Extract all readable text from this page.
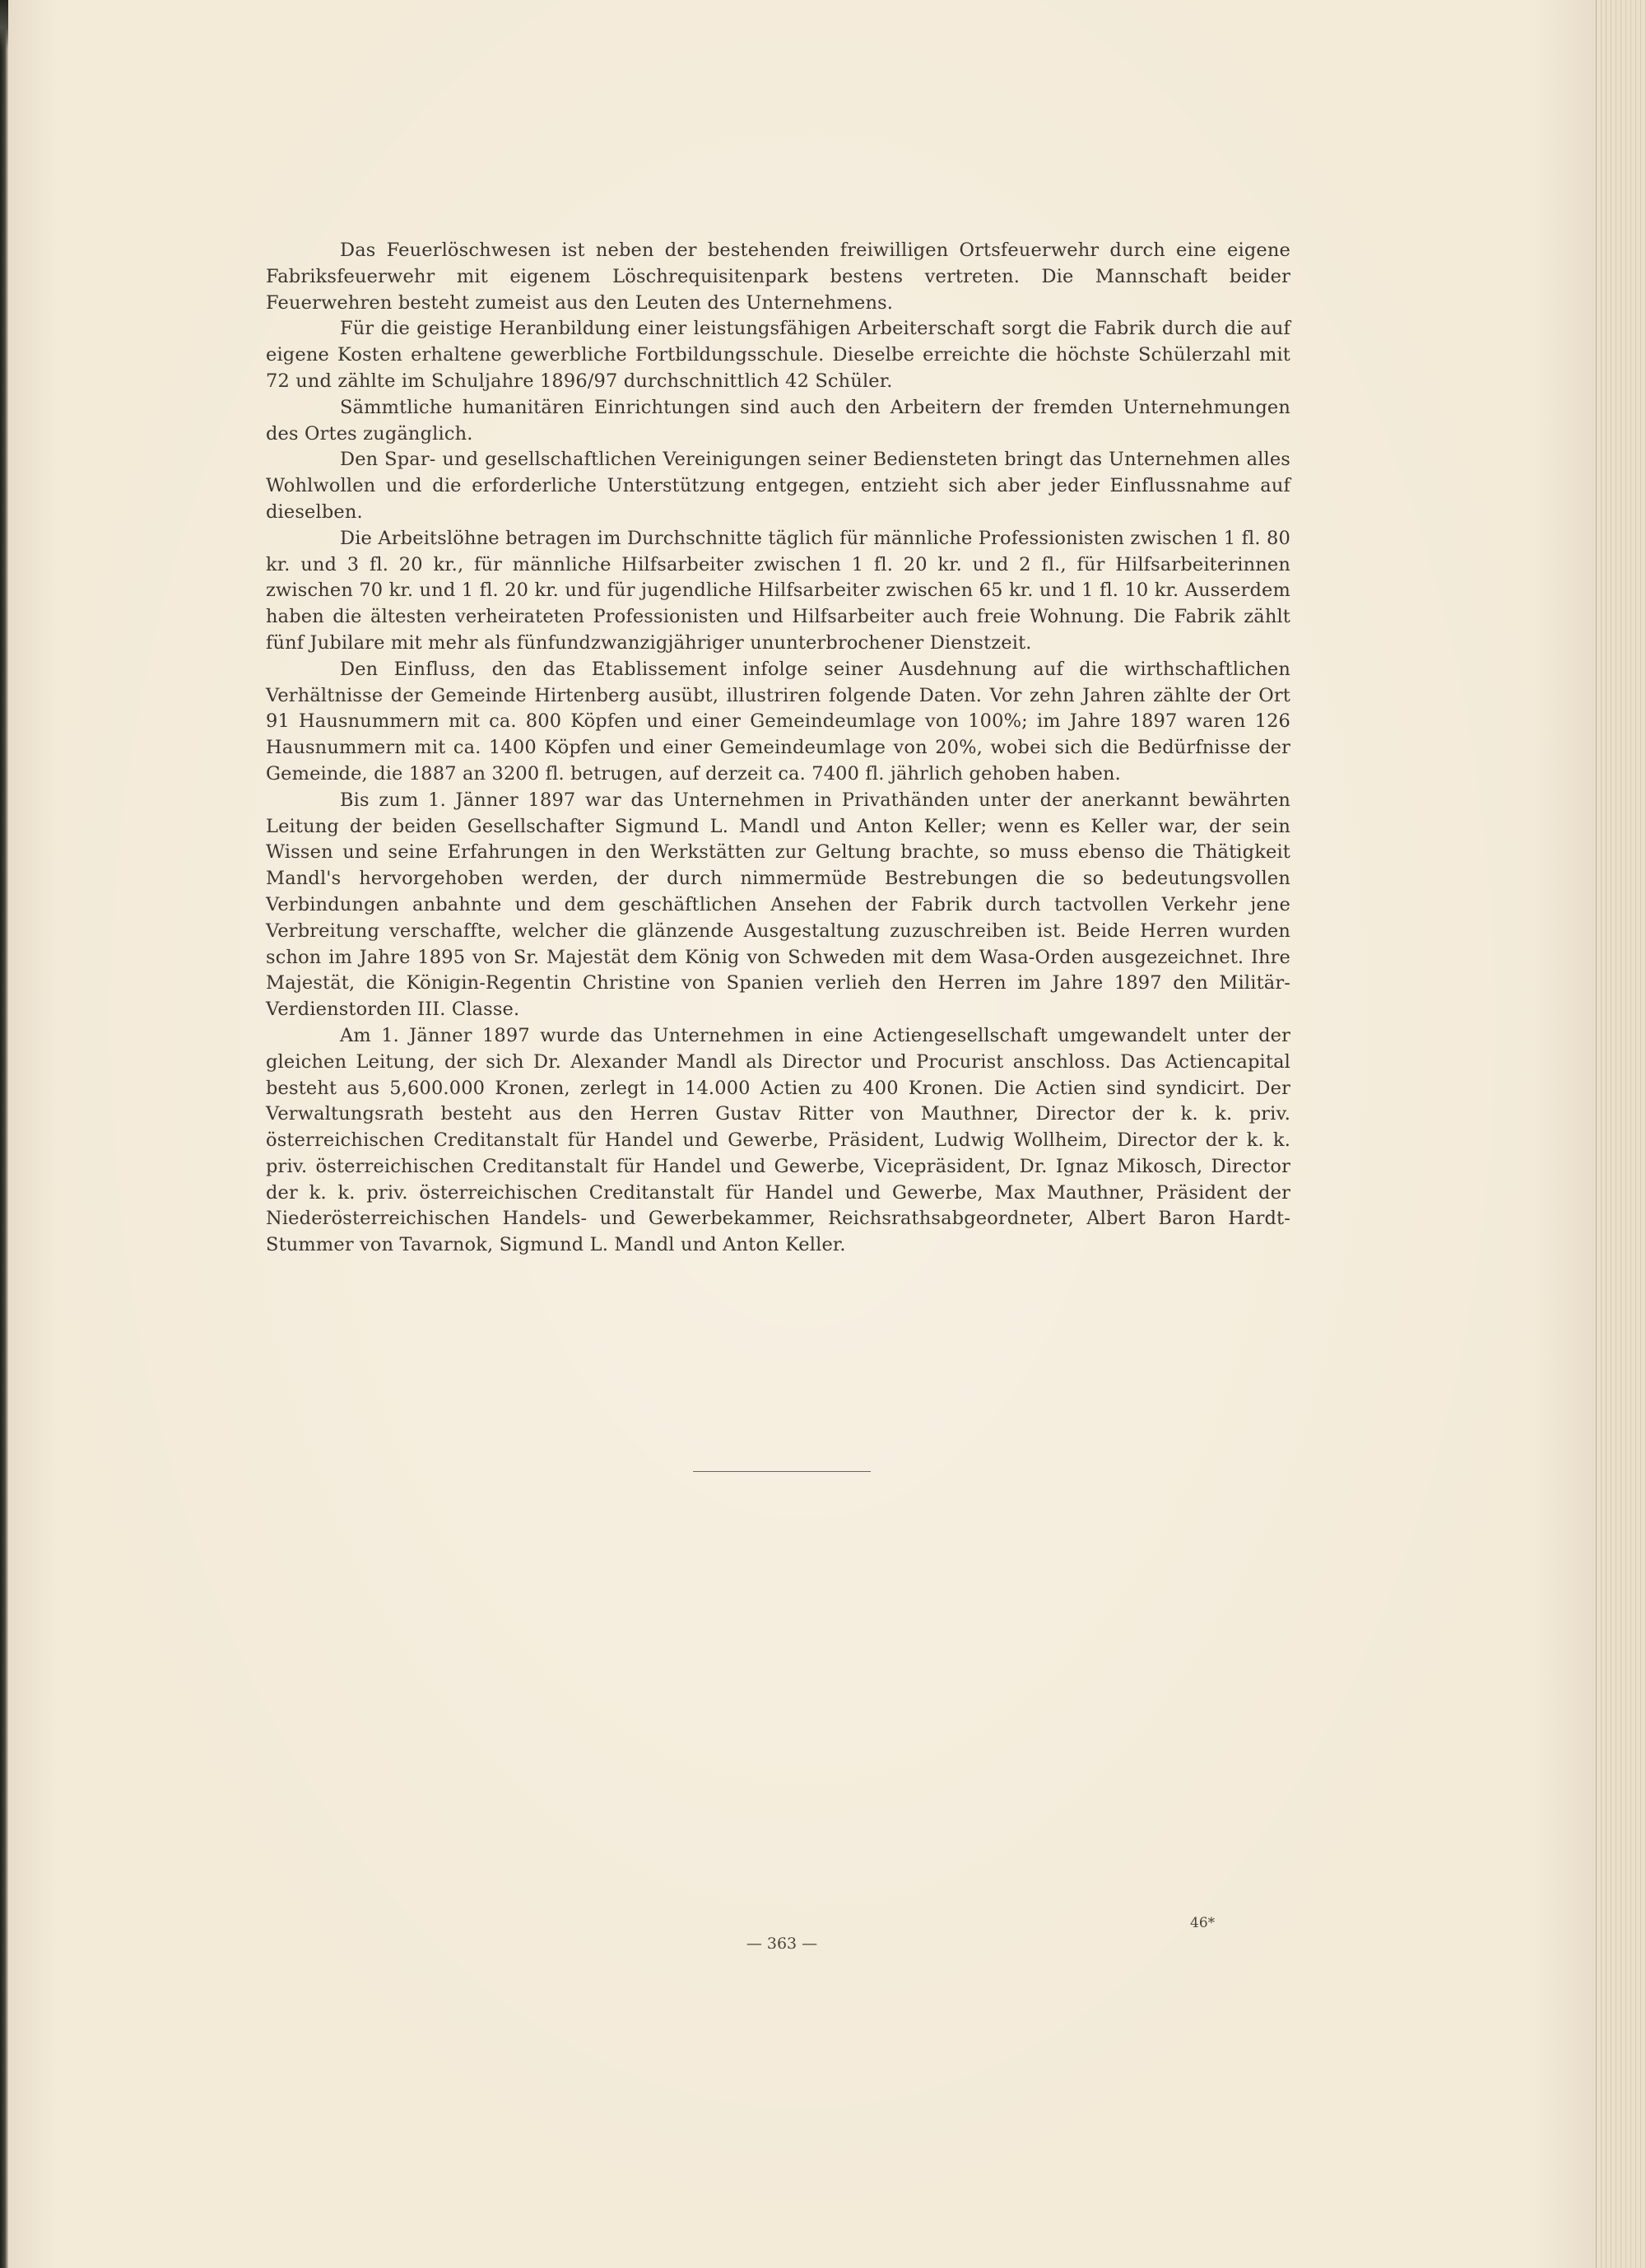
Das Feuerlöschwesen ist neben der bestehenden freiwilligen Ortsfeuerwehr durch eine eigene Fabriksfeuerwehr mit eigenem Löschrequisitenpark bestens vertreten. Die Mannschaft beider Feuerwehren besteht zumeist aus den Leuten des Unternehmens.

Für die geistige Heranbildung einer leistungsfähigen Arbeiterschaft sorgt die Fabrik durch die auf eigene Kosten erhaltene gewerbliche Fortbildungsschule. Dieselbe erreichte die höchste Schülerzahl mit 72 und zählte im Schuljahre 1896/97 durchschnittlich 42 Schüler.

Sämmtliche humanitären Einrichtungen sind auch den Arbeitern der fremden Unternehmungen des Ortes zugänglich.

Den Spar- und gesellschaftlichen Vereinigungen seiner Bediensteten bringt das Unternehmen alles Wohlwollen und die erforderliche Unterstützung entgegen, entzieht sich aber jeder Einflussnahme auf dieselben.

Die Arbeitslöhne betragen im Durchschnitte täglich für männliche Professionisten zwischen 1 fl. 80 kr. und 3 fl. 20 kr., für männliche Hilfsarbeiter zwischen 1 fl. 20 kr. und 2 fl., für Hilfsarbeiterinnen zwischen 70 kr. und 1 fl. 20 kr. und für jugendliche Hilfsarbeiter zwischen 65 kr. und 1 fl. 10 kr. Ausserdem haben die ältesten verheirateten Professionisten und Hilfsarbeiter auch freie Wohnung. Die Fabrik zählt fünf Jubilare mit mehr als fünfundzwanzigjähriger ununterbrochener Dienstzeit.

Den Einfluss, den das Etablissement infolge seiner Ausdehnung auf die wirthschaftlichen Verhältnisse der Gemeinde Hirtenberg ausübt, illustriren folgende Daten. Vor zehn Jahren zählte der Ort 91 Hausnummern mit ca. 800 Köpfen und einer Gemeindeumlage von 100%; im Jahre 1897 waren 126 Hausnummern mit ca. 1400 Köpfen und einer Gemeindeumlage von 20%, wobei sich die Bedürfnisse der Gemeinde, die 1887 an 3200 fl. betrugen, auf derzeit ca. 7400 fl. jährlich gehoben haben.

Bis zum 1. Jänner 1897 war das Unternehmen in Privathänden unter der anerkannt bewährten Leitung der beiden Gesellschafter Sigmund L. Mandl und Anton Keller; wenn es Keller war, der sein Wissen und seine Erfahrungen in den Werkstätten zur Geltung brachte, so muss ebenso die Thätigkeit Mandl's hervorgehoben werden, der durch nimmermüde Bestrebungen die so bedeutungsvollen Verbindungen anbahnte und dem geschäftlichen Ansehen der Fabrik durch tactvollen Verkehr jene Verbreitung verschaffte, welcher die glänzende Ausgestaltung zuzuschreiben ist. Beide Herren wurden schon im Jahre 1895 von Sr. Majestät dem König von Schweden mit dem Wasa-Orden ausgezeichnet. Ihre Majestät, die Königin-Regentin Christine von Spanien verlieh den Herren im Jahre 1897 den Militär-Verdienstorden III. Classe.

Am 1. Jänner 1897 wurde das Unternehmen in eine Actiengesellschaft umgewandelt unter der gleichen Leitung, der sich Dr. Alexander Mandl als Director und Procurist anschloss. Das Actiencapital besteht aus 5,600.000 Kronen, zerlegt in 14.000 Actien zu 400 Kronen. Die Actien sind syndicirt. Der Verwaltungsrath besteht aus den Herren Gustav Ritter von Mauthner, Director der k. k. priv. österreichischen Creditanstalt für Handel und Gewerbe, Präsident, Ludwig Wollheim, Director der k. k. priv. österreichischen Creditanstalt für Handel und Gewerbe, Vicepräsident, Dr. Ignaz Mikosch, Director der k. k. priv. österreichischen Creditanstalt für Handel und Gewerbe, Max Mauthner, Präsident der Niederösterreichischen Handels- und Gewerbekammer, Reichsrathsabgeordneter, Albert Baron Hardt-Stummer von Tavarnok, Sigmund L. Mandl und Anton Keller.

— 363 —
46*
